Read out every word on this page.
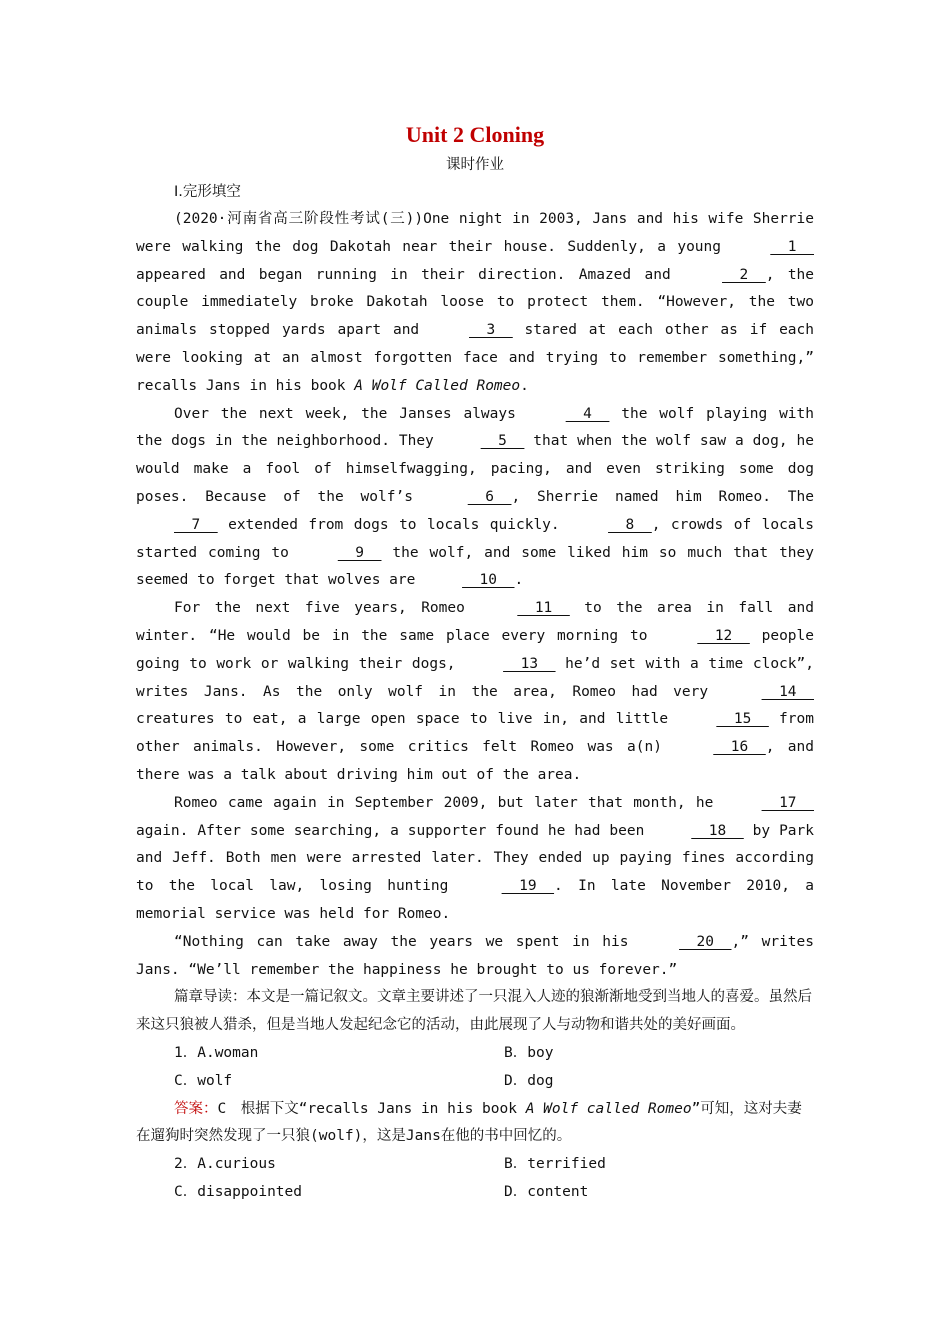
Unit 2 Cloning
课时作业
Ⅰ.完形填空

(2020·河南省高三阶段性考试(三))One night in 2003, Jans and his wife Sherrie were walking the dog Dakotah near their house. Suddenly, a young	__1__ appeared and began running in their direction. Amazed and	__2__, the couple immediately broke Dakotah loose to protect them. “However, the two animals stopped yards apart and	__3__ stared at each other as if each were looking at an almost forgotten face and trying to remember something,” recalls Jans in his book A Wolf Called Romeo.

Over the next week, the Janses always	__4__ the wolf playing with the dogs in the neighborhood. They	__5__ that when the wolf saw a dog, he would make a fool of himselfwagging, pacing, and even striking some dog poses. Because of the wolf’s	__6__, Sherrie named him Romeo. The __7__ extended from dogs to locals quickly.	__8__, crowds of locals started coming to	__9__ the wolf, and some liked him so much that they seemed to forget that wolves are	__10__.

For the next five years, Romeo	__11__ to the area in fall and winter. “He would be in the same place every morning to	__12__ people going to work or walking their dogs,	__13__ he’d set with a time clock”, writes Jans. As the only wolf in the area, Romeo had very	__14__ creatures to eat, a large open space to live in, and little	__15__ from other animals. However, some critics felt Romeo was a(n)	__16__, and there was a talk about driving him out of the area.

Romeo came again in September 2009, but later that month, he	__17__ again. After some searching, a supporter found he had been	__18__ by Park and Jeff. Both men were arrested later. They ended up paying fines according to the local law, losing hunting	__19__. In late November 2010, a memorial service was held for Romeo.

“Nothing can take away the years we spent in his	__20__,” writes Jans. “We’ll remember the happiness he brought to us forever.”

篇章导读：本文是一篇记叙文。文章主要讲述了一只混入人迹的狼渐渐地受到当地人的喜爱。虽然后来这只狼被人猎杀，但是当地人发起纪念它的活动，由此展现了人与动物和谐共处的美好画面。

1．A.woman	B．boy
C．wolf	D．dog

答案：C　根据下文“recalls Jans in his book A Wolf called Romeo”可知，这对夫妻在遛狗时突然发现了一只狼(wolf)，这是Jans在他的书中回忆的。

2．A.curious	B．terrified
C．disappointed	D．content
